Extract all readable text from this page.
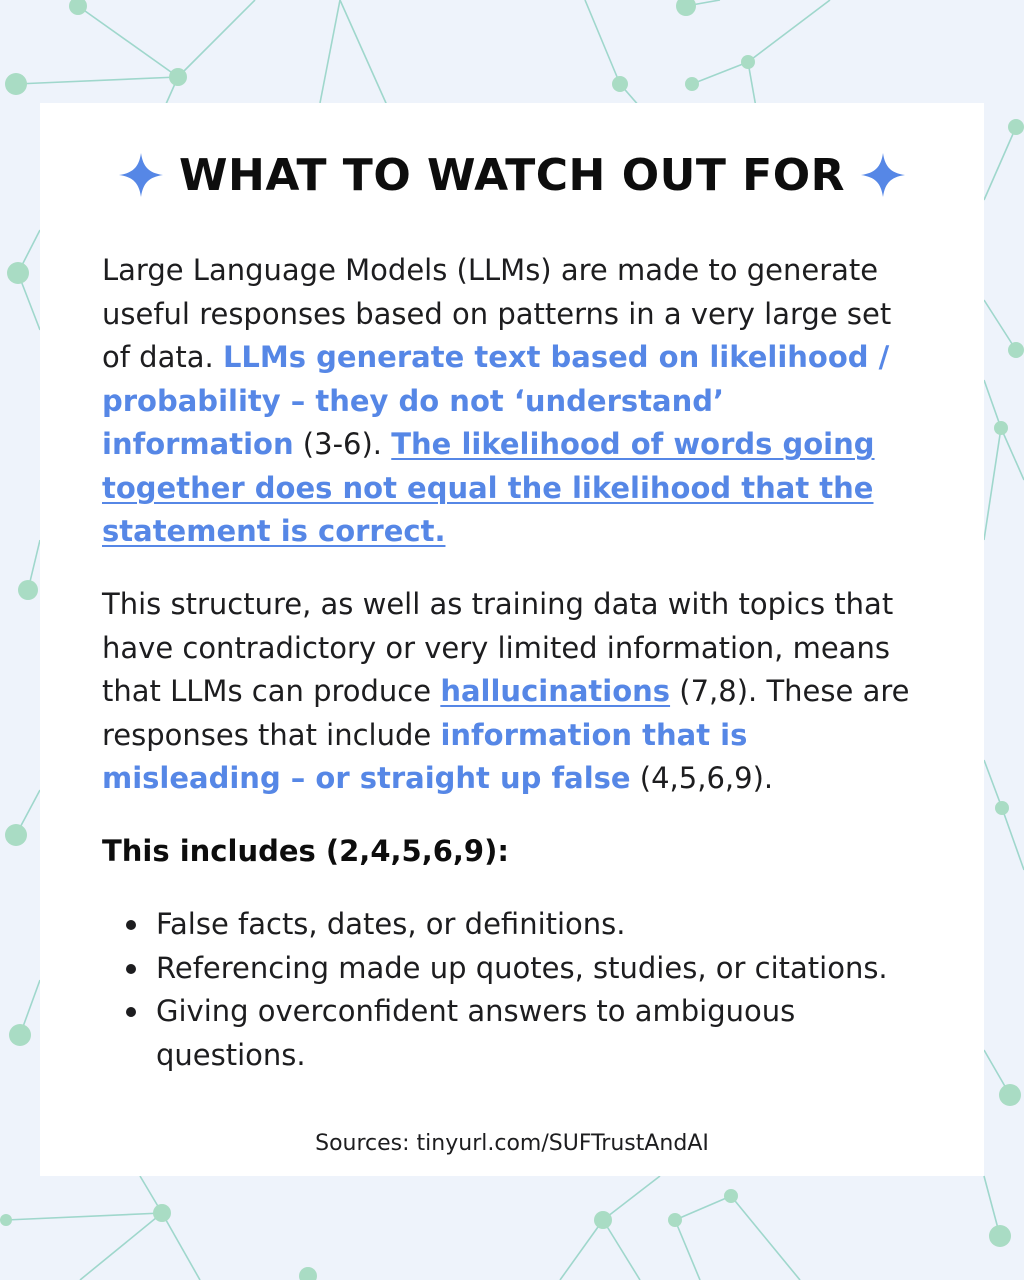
WHAT TO WATCH OUT FOR

Large Language Models (LLMs) are made to generate useful responses based on patterns in a very large set of data. LLMs generate text based on likelihood / probability – they do not ‘understand’ information (3-6). The likelihood of words going together does not equal the likelihood that the statement is correct.

This structure, as well as training data with topics that have contradictory or very limited information, means that LLMs can produce hallucinations (7,8). These are responses that include information that is misleading – or straight up false (4,5,6,9).

This includes (2,4,5,6,9):

False facts, dates, or definitions.
Referencing made up quotes, studies, or citations.
Giving overconfident answers to ambiguous questions.
Sources: tinyurl.com/SUFTrustAndAI
